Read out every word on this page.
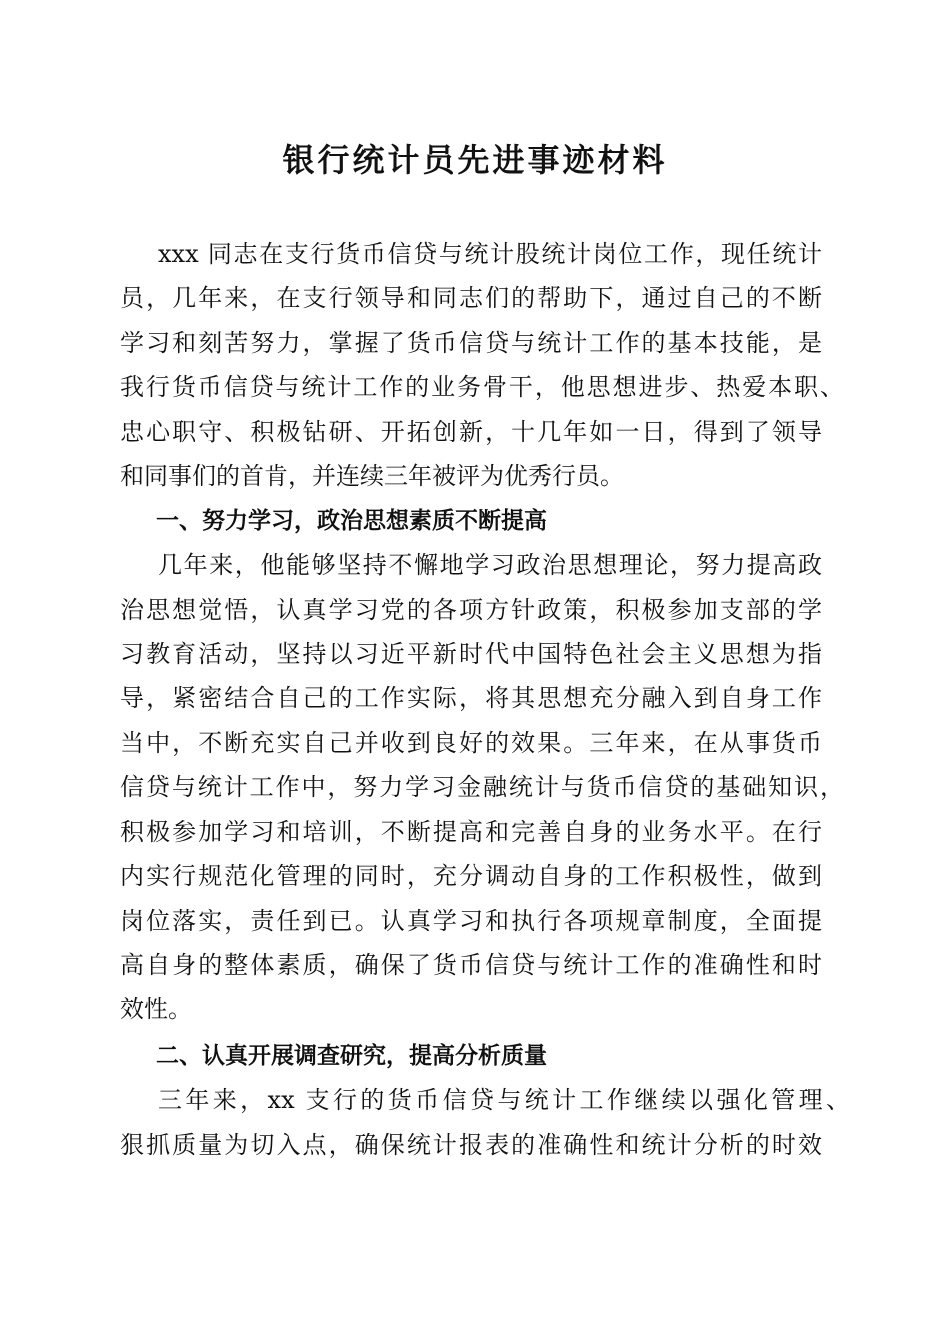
银行统计员先进事迹材料
xxx 同志在支行货币信贷与统计股统计岗位工作，现任统计
员，几年来，在支行领导和同志们的帮助下，通过自己的不断
学习和刻苦努力，掌握了货币信贷与统计工作的基本技能，是
我行货币信贷与统计工作的业务骨干，他思想进步、热爱本职、
忠心职守、积极钻研、开拓创新，十几年如一日，得到了领导
和同事们的首肯，并连续三年被评为优秀行员。
一、努力学习，政治思想素质不断提高
几年来，他能够坚持不懈地学习政治思想理论，努力提高政
治思想觉悟，认真学习党的各项方针政策，积极参加支部的学
习教育活动，坚持以习近平新时代中国特色社会主义思想为指
导，紧密结合自己的工作实际，将其思想充分融入到自身工作
当中，不断充实自己并收到良好的效果。三年来，在从事货币
信贷与统计工作中，努力学习金融统计与货币信贷的基础知识，
积极参加学习和培训，不断提高和完善自身的业务水平。在行
内实行规范化管理的同时，充分调动自身的工作积极性，做到
岗位落实，责任到已。认真学习和执行各项规章制度，全面提
高自身的整体素质，确保了货币信贷与统计工作的准确性和时
效性。
二、认真开展调查研究，提高分析质量
三年来，xx 支行的货币信贷与统计工作继续以强化管理、
狠抓质量为切入点，确保统计报表的准确性和统计分析的时效
